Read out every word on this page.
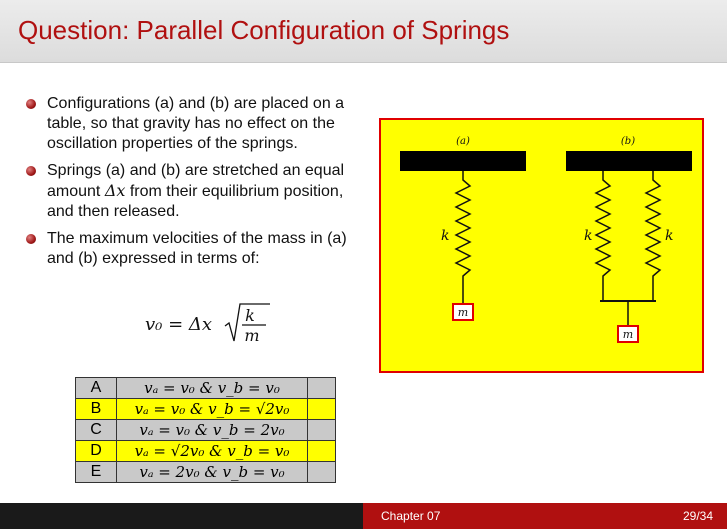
Question: Parallel Configuration of Springs
Configurations (a) and (b) are placed on a table, so that gravity has no effect on the oscillation properties of the springs.
Springs (a) and (b) are stretched an equal amount Δx from their equilibrium position, and then released.
The maximum velocities of the mass in (a) and (b) expressed in terms of:
v₀ = Δx k
m
A	vₐ = v₀ & v_b = v₀	
B	vₐ = v₀ & v_b = √2v₀	
C	vₐ = v₀ & v_b = 2v₀	
D	vₐ = √2v₀ & v_b = v₀	
E	vₐ = 2v₀ & v_b = v₀	
(a)	(b)
k
m
k	k
m
Chapter 07	29/34
